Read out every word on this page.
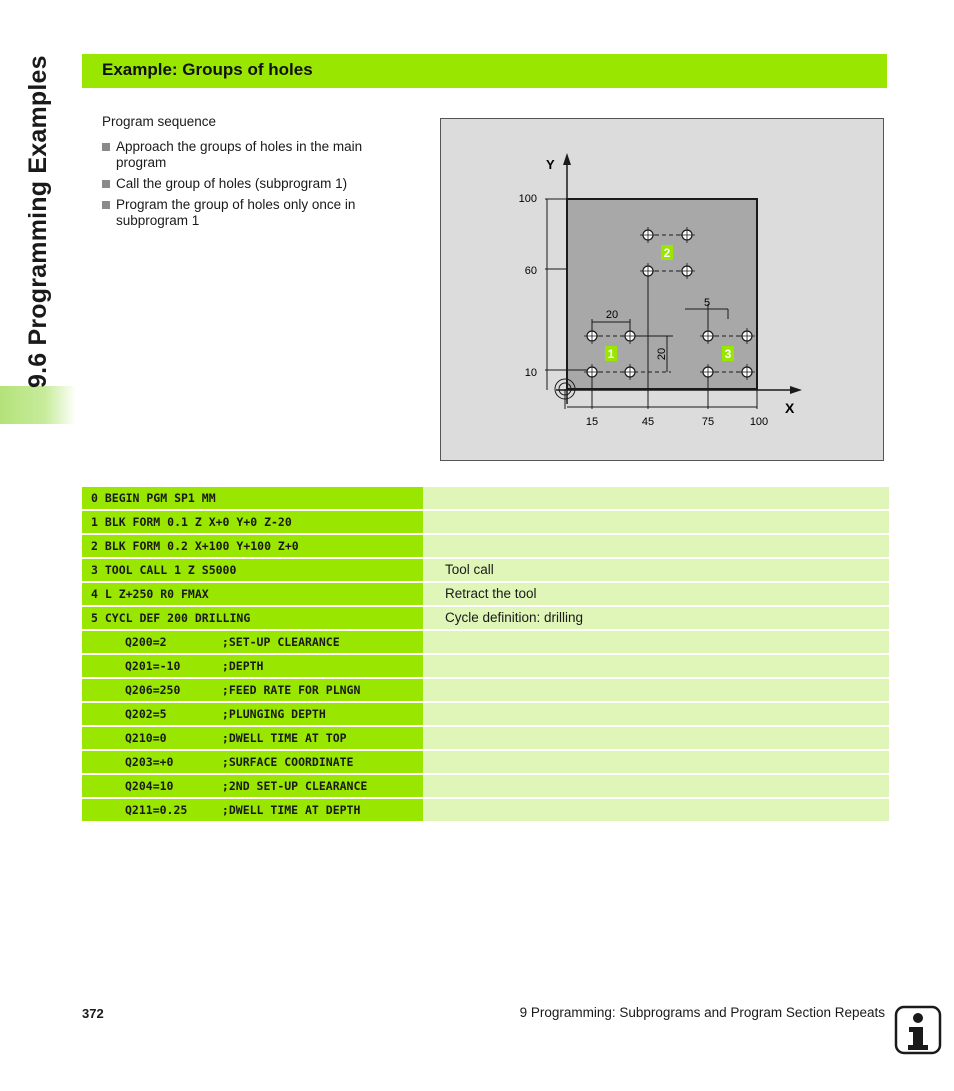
9.6 Programming Examples	Example: Groups of holes
Program sequence
Approach the groups of holes in the main program
Call the group of holes (subprogram 1)
Program the group of holes only once in subprogram 1
Y
X
100
60
10
15	45	75	100
20
20
5
1
2
3
0 BEGIN PGM SP1 MM
1 BLK FORM 0.1 Z X+0 Y+0 Z-20
2 BLK FORM 0.2 X+100 Y+100 Z+0
3 TOOL CALL 1 Z S5000	Tool call
4 L Z+250 R0 FMAX	Retract the tool
5 CYCL DEF 200 DRILLING	Cycle definition: drilling
Q200=2        ;SET-UP CLEARANCE
Q201=-10      ;DEPTH
Q206=250      ;FEED RATE FOR PLNGN
Q202=5        ;PLUNGING DEPTH
Q210=0        ;DWELL TIME AT TOP
Q203=+0       ;SURFACE COORDINATE
Q204=10       ;2ND SET-UP CLEARANCE
Q211=0.25     ;DWELL TIME AT DEPTH
372	9 Programming: Subprograms and Program Section Repeats
